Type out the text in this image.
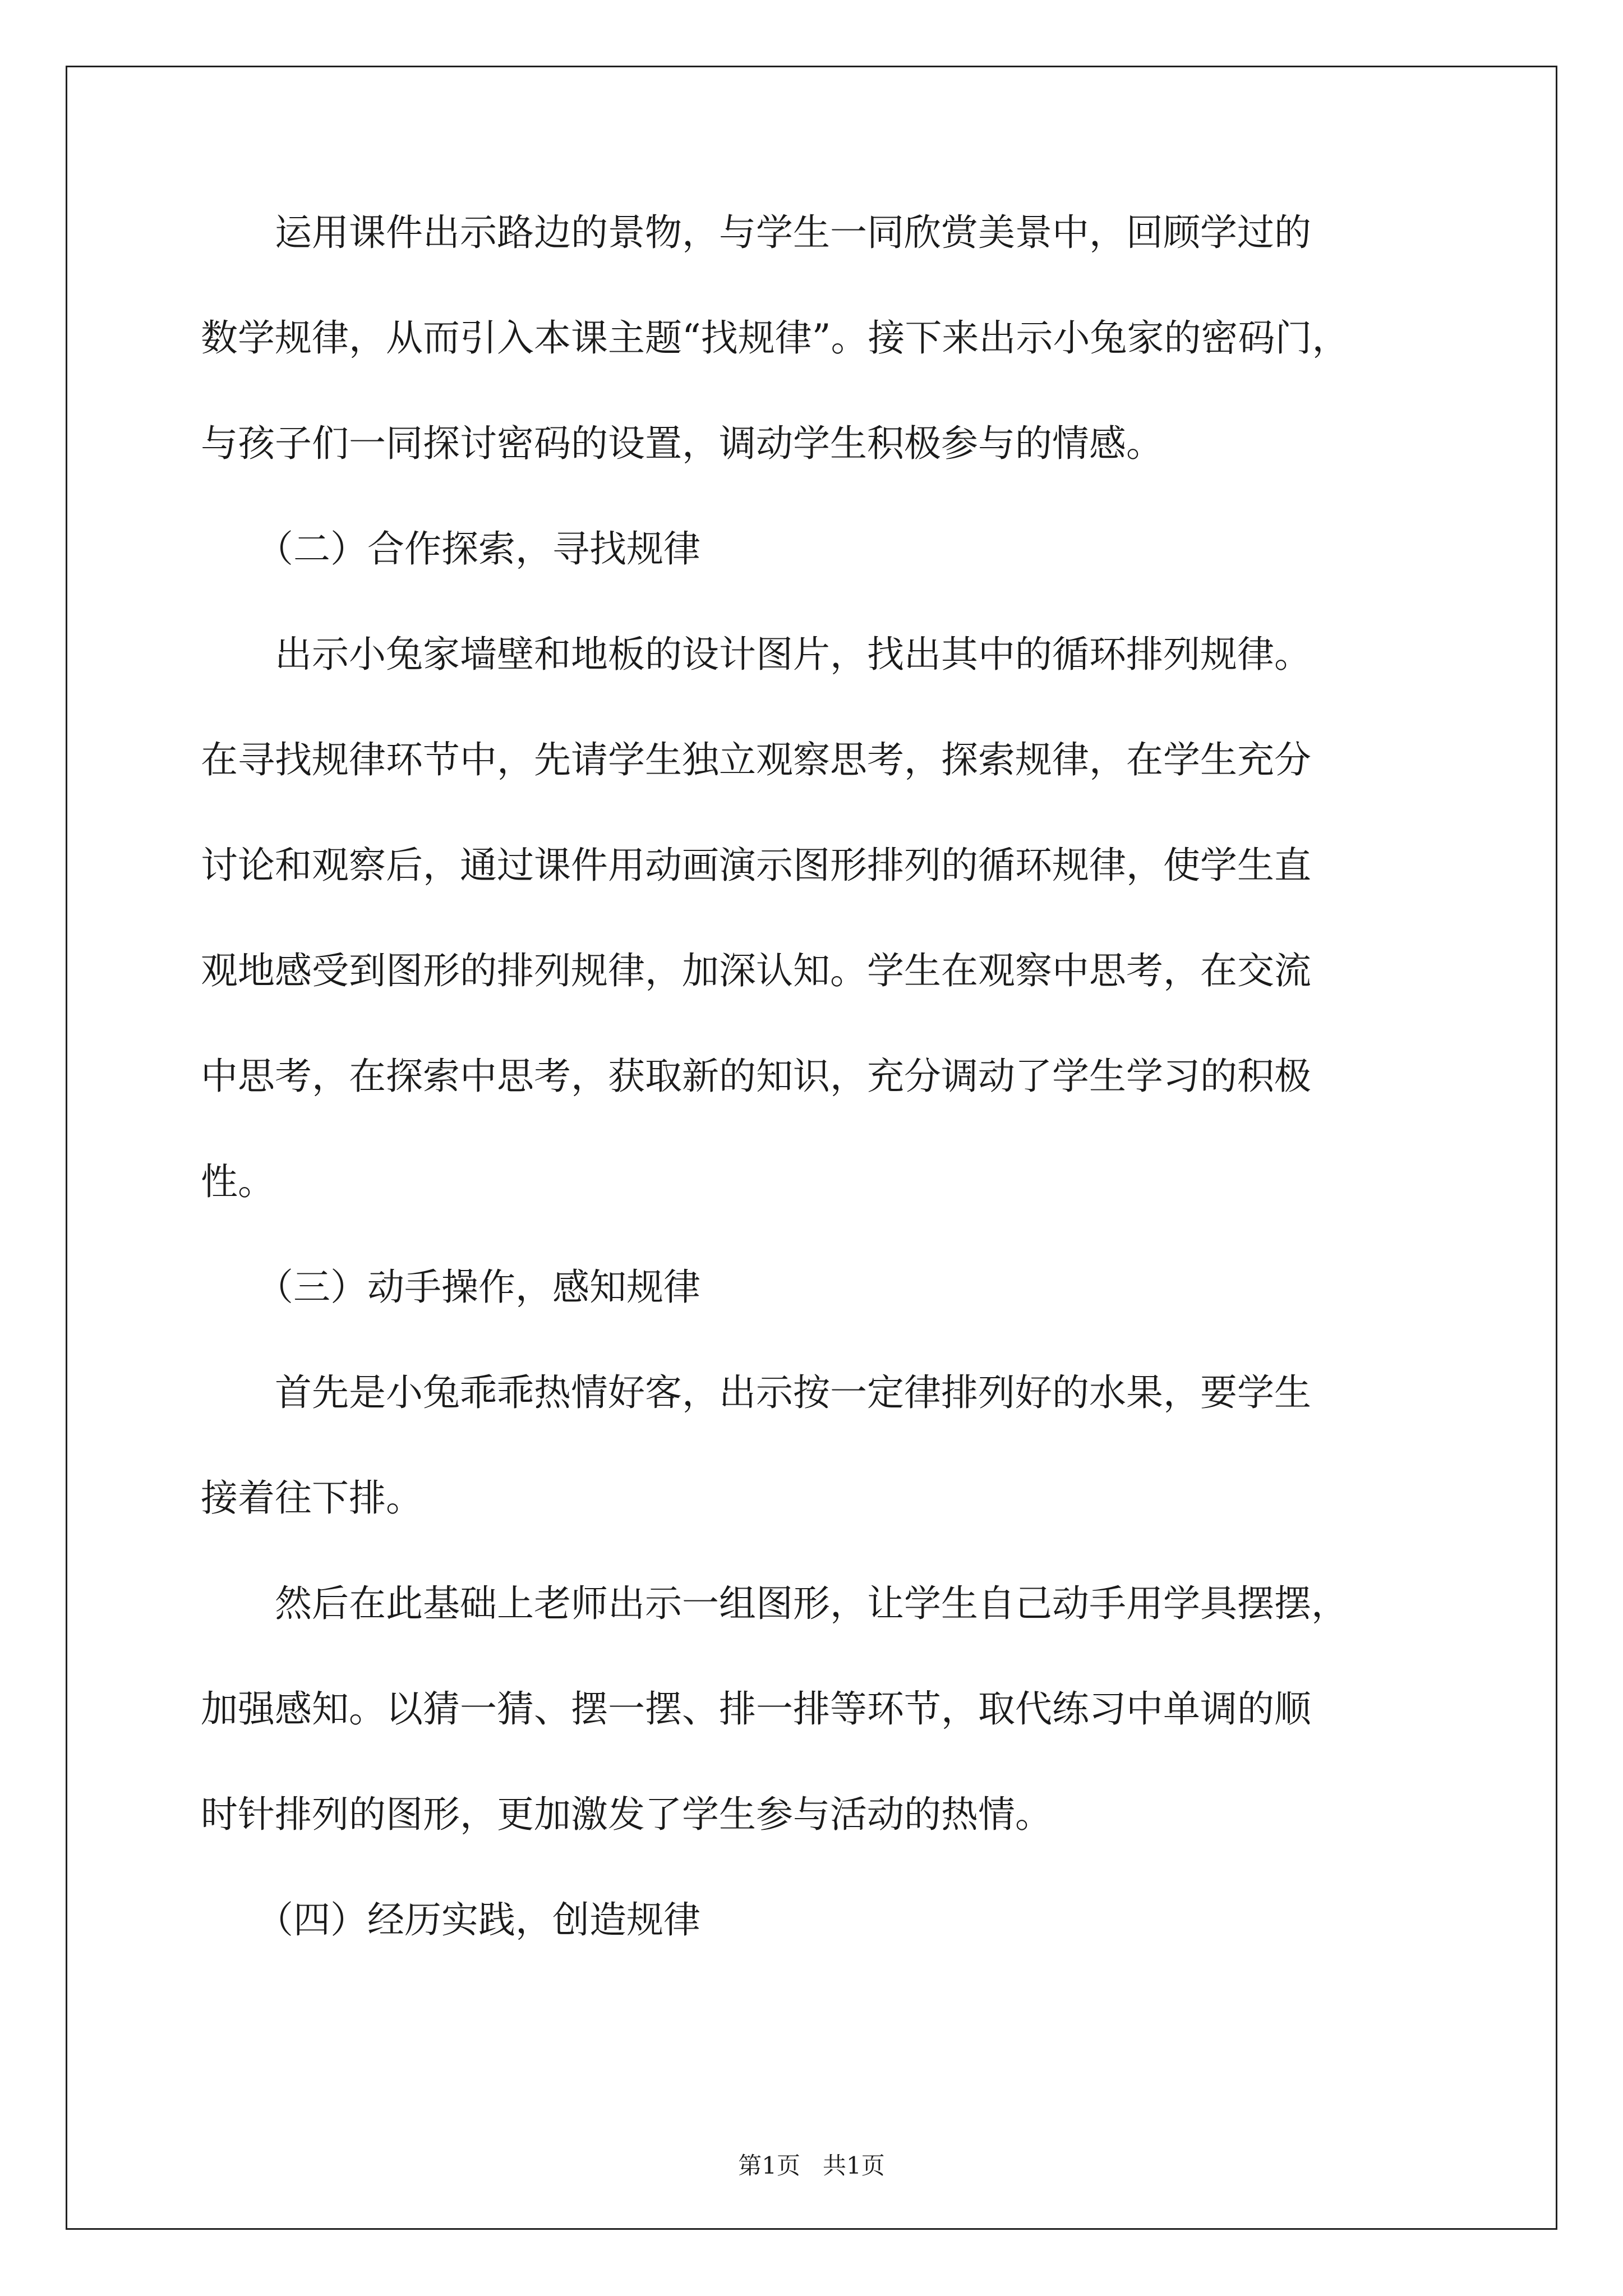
　　运用课件出示路边的景物，与学生一同欣赏美景中，回顾学过的
数学规律，从而引入本课主题“找规律”。接下来出示小兔家的密码门，
与孩子们一同探讨密码的设置，调动学生积极参与的情感。
　　（二）合作探索，寻找规律
　　出示小兔家墙壁和地板的设计图片，找出其中的循环排列规律。
在寻找规律环节中，先请学生独立观察思考，探索规律，在学生充分
讨论和观察后，通过课件用动画演示图形排列的循环规律，使学生直
观地感受到图形的排列规律，加深认知。学生在观察中思考，在交流
中思考，在探索中思考，获取新的知识，充分调动了学生学习的积极
性。
　　（三）动手操作，感知规律
　　首先是小兔乖乖热情好客，出示按一定律排列好的水果，要学生
接着往下排。
　　然后在此基础上老师出示一组图形，让学生自己动手用学具摆摆，
加强感知。以猜一猜、摆一摆、排一排等环节，取代练习中单调的顺
时针排列的图形，更加激发了学生参与活动的热情。
　　（四）经历实践，创造规律
第1页 共1页
